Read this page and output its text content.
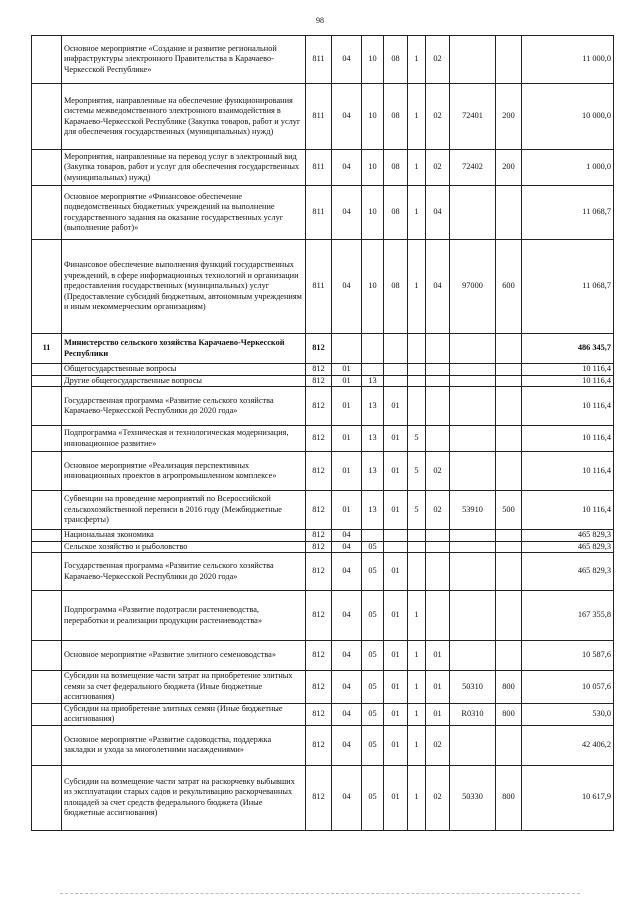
98
	Основное мероприятие «Создание и развитие региональной инфраструктуры электронного Правительства в Карачаево-Черкесской Республике»	811	04	10	08	1	02			11 000,0
	Мероприятия, направленные на обеспечение функционирования системы межведомственного электронного взаимодействия в Карачаево-Черкесской Республике (Закупка товаров, работ и услуг для обеспечения государственных (муниципальных) нужд)	811	04	10	08	1	02	72401	200	10 000,0
	Мероприятия, направленные на перевод услуг в электронный вид (Закупка товаров, работ и услуг для обеспечения государственных (муниципальных) нужд)	811	04	10	08	1	02	72402	200	1 000,0
	Основное мероприятие «Финансовое обеспечение подведомственных бюджетных учреждений на выполнение государственного задания на оказание государственных услуг (выполнение работ)»	811	04	10	08	1	04			11 068,7
	Финансовое обеспечение выполнения функций государственных учреждений, в сфере информационных технологий и организации предоставления государственных (муниципальных) услуг (Предоставление субсидий бюджетным, автономным учреждениям и иным некоммерческим организациям)	811	04	10	08	1	04	97000	600	11 068,7
11	Министерство сельского хозяйства Карачаево-Черкесской Республики	812								486 345,7
	Общегосударственные вопросы	812	01							10 116,4
	Другие общегосударственные вопросы	812	01	13						10 116,4
	Государственная программа «Развитие сельского хозяйства Карачаево-Черкесской Республики до 2020 года»	812	01	13	01					10 116,4
	Подпрограмма «Техническая и технологическая модернизация, инновационное развитие»	812	01	13	01	5				10 116,4
	Основное мероприятие «Реализация перспективных инновационных проектов в агропромышленном комплексе»	812	01	13	01	5	02			10 116,4
	Субвенции на проведение мероприятий по Всероссийской сельскохозяйственной переписи в 2016 году (Межбюджетные трансферты)	812	01	13	01	5	02	53910	500	10 116,4
	Национальная экономика	812	04							465 829,3
	Сельское хозяйство и рыболовство	812	04	05						465 829,3
	Государственная программа «Развитие сельского хозяйства Карачаево-Черкесской Республики до 2020 года»	812	04	05	01					465 829,3
	Подпрограмма «Развитие подотрасли растениеводства, переработки и реализации продукции растениеводства»	812	04	05	01	1				167 355,8
	Основное мероприятие «Развитие элитного семеноводства»	812	04	05	01	1	01			10 587,6
	Субсидии на возмещение части затрат на приобретение элитных семян за счет федерального бюджета (Иные бюджетные ассигнования)	812	04	05	01	1	01	50310	800	10 057,6
	Субсидии на приобретение элитных семян (Иные бюджетные ассигнования)	812	04	05	01	1	01	R0310	800	530,0
	Основное мероприятие «Развитие садоводства, поддержка закладки и ухода за многолетними насаждениями»	812	04	05	01	1	02			42 406,2
	Субсидии на возмещение части затрат на раскорчевку выбывших из эксплуатации старых садов и рекультивацию раскорчеванных площадей за счет средств федерального бюджета (Иные бюджетные ассигнования)	812	04	05	01	1	02	50330	800	10 617,9
